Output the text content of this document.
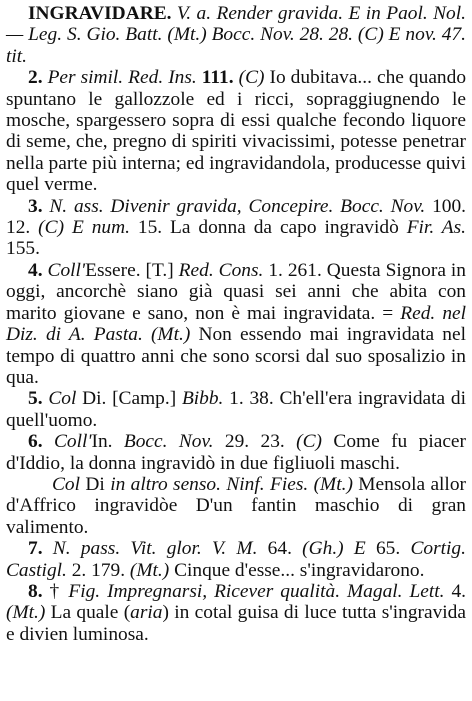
INGRAVIDARE. V. a. Render gravida. E in Paol. Nol. — Leg. S. Gio. Batt. (Mt.) Bocc. Nov. 28. 28. (C) E nov. 47. tit.

2. Per simil. Red. Ins. 111. (C) Io dubitava... che quando spuntano le gallozzole ed i ricci, sopraggiugnendo le mosche, spargessero sopra di essi qualche fecondo liquore di seme, che, pregno di spiriti vivacissimi, potesse penetrar nella parte più interna; ed ingravidandola, producesse quivi quel verme.

3. N. ass. Divenir gravida, Concepire. Bocc. Nov. 100. 12. (C) E num. 15. La donna da capo ingravidò Fir. As. 155.

4. Coll'Essere. [T.] Red. Cons. 1. 261. Questa Signora in oggi, ancorchè siano già quasi sei anni che abita con marito giovane e sano, non è mai ingravidata. = Red. nel Diz. di A. Pasta. (Mt.) Non essendo mai ingravidata nel tempo di quattro anni che sono scorsi dal suo sposalizio in qua.

5. Col Di. [Camp.] Bibb. 1. 38. Ch'ell'era ingravidata di quell'uomo.

6. Coll'In. Bocc. Nov. 29. 23. (C) Come fu piacer d'Iddio, la donna ingravidò in due figliuoli maschi.

Col Di in altro senso. Ninf. Fies. (Mt.) Mensola allor d'Affrico ingravidòe D'un fantin maschio di gran valimento.

7. N. pass. Vit. glor. V. M. 64. (Gh.) E 65. Cortig. Castigl. 2. 179. (Mt.) Cinque d'esse... s'ingravidarono.

8. † Fig. Impregnarsi, Ricever qualità. Magal. Lett. 4. (Mt.) La quale (aria) in cotal guisa di luce tutta s'ingravida e divien luminosa.
